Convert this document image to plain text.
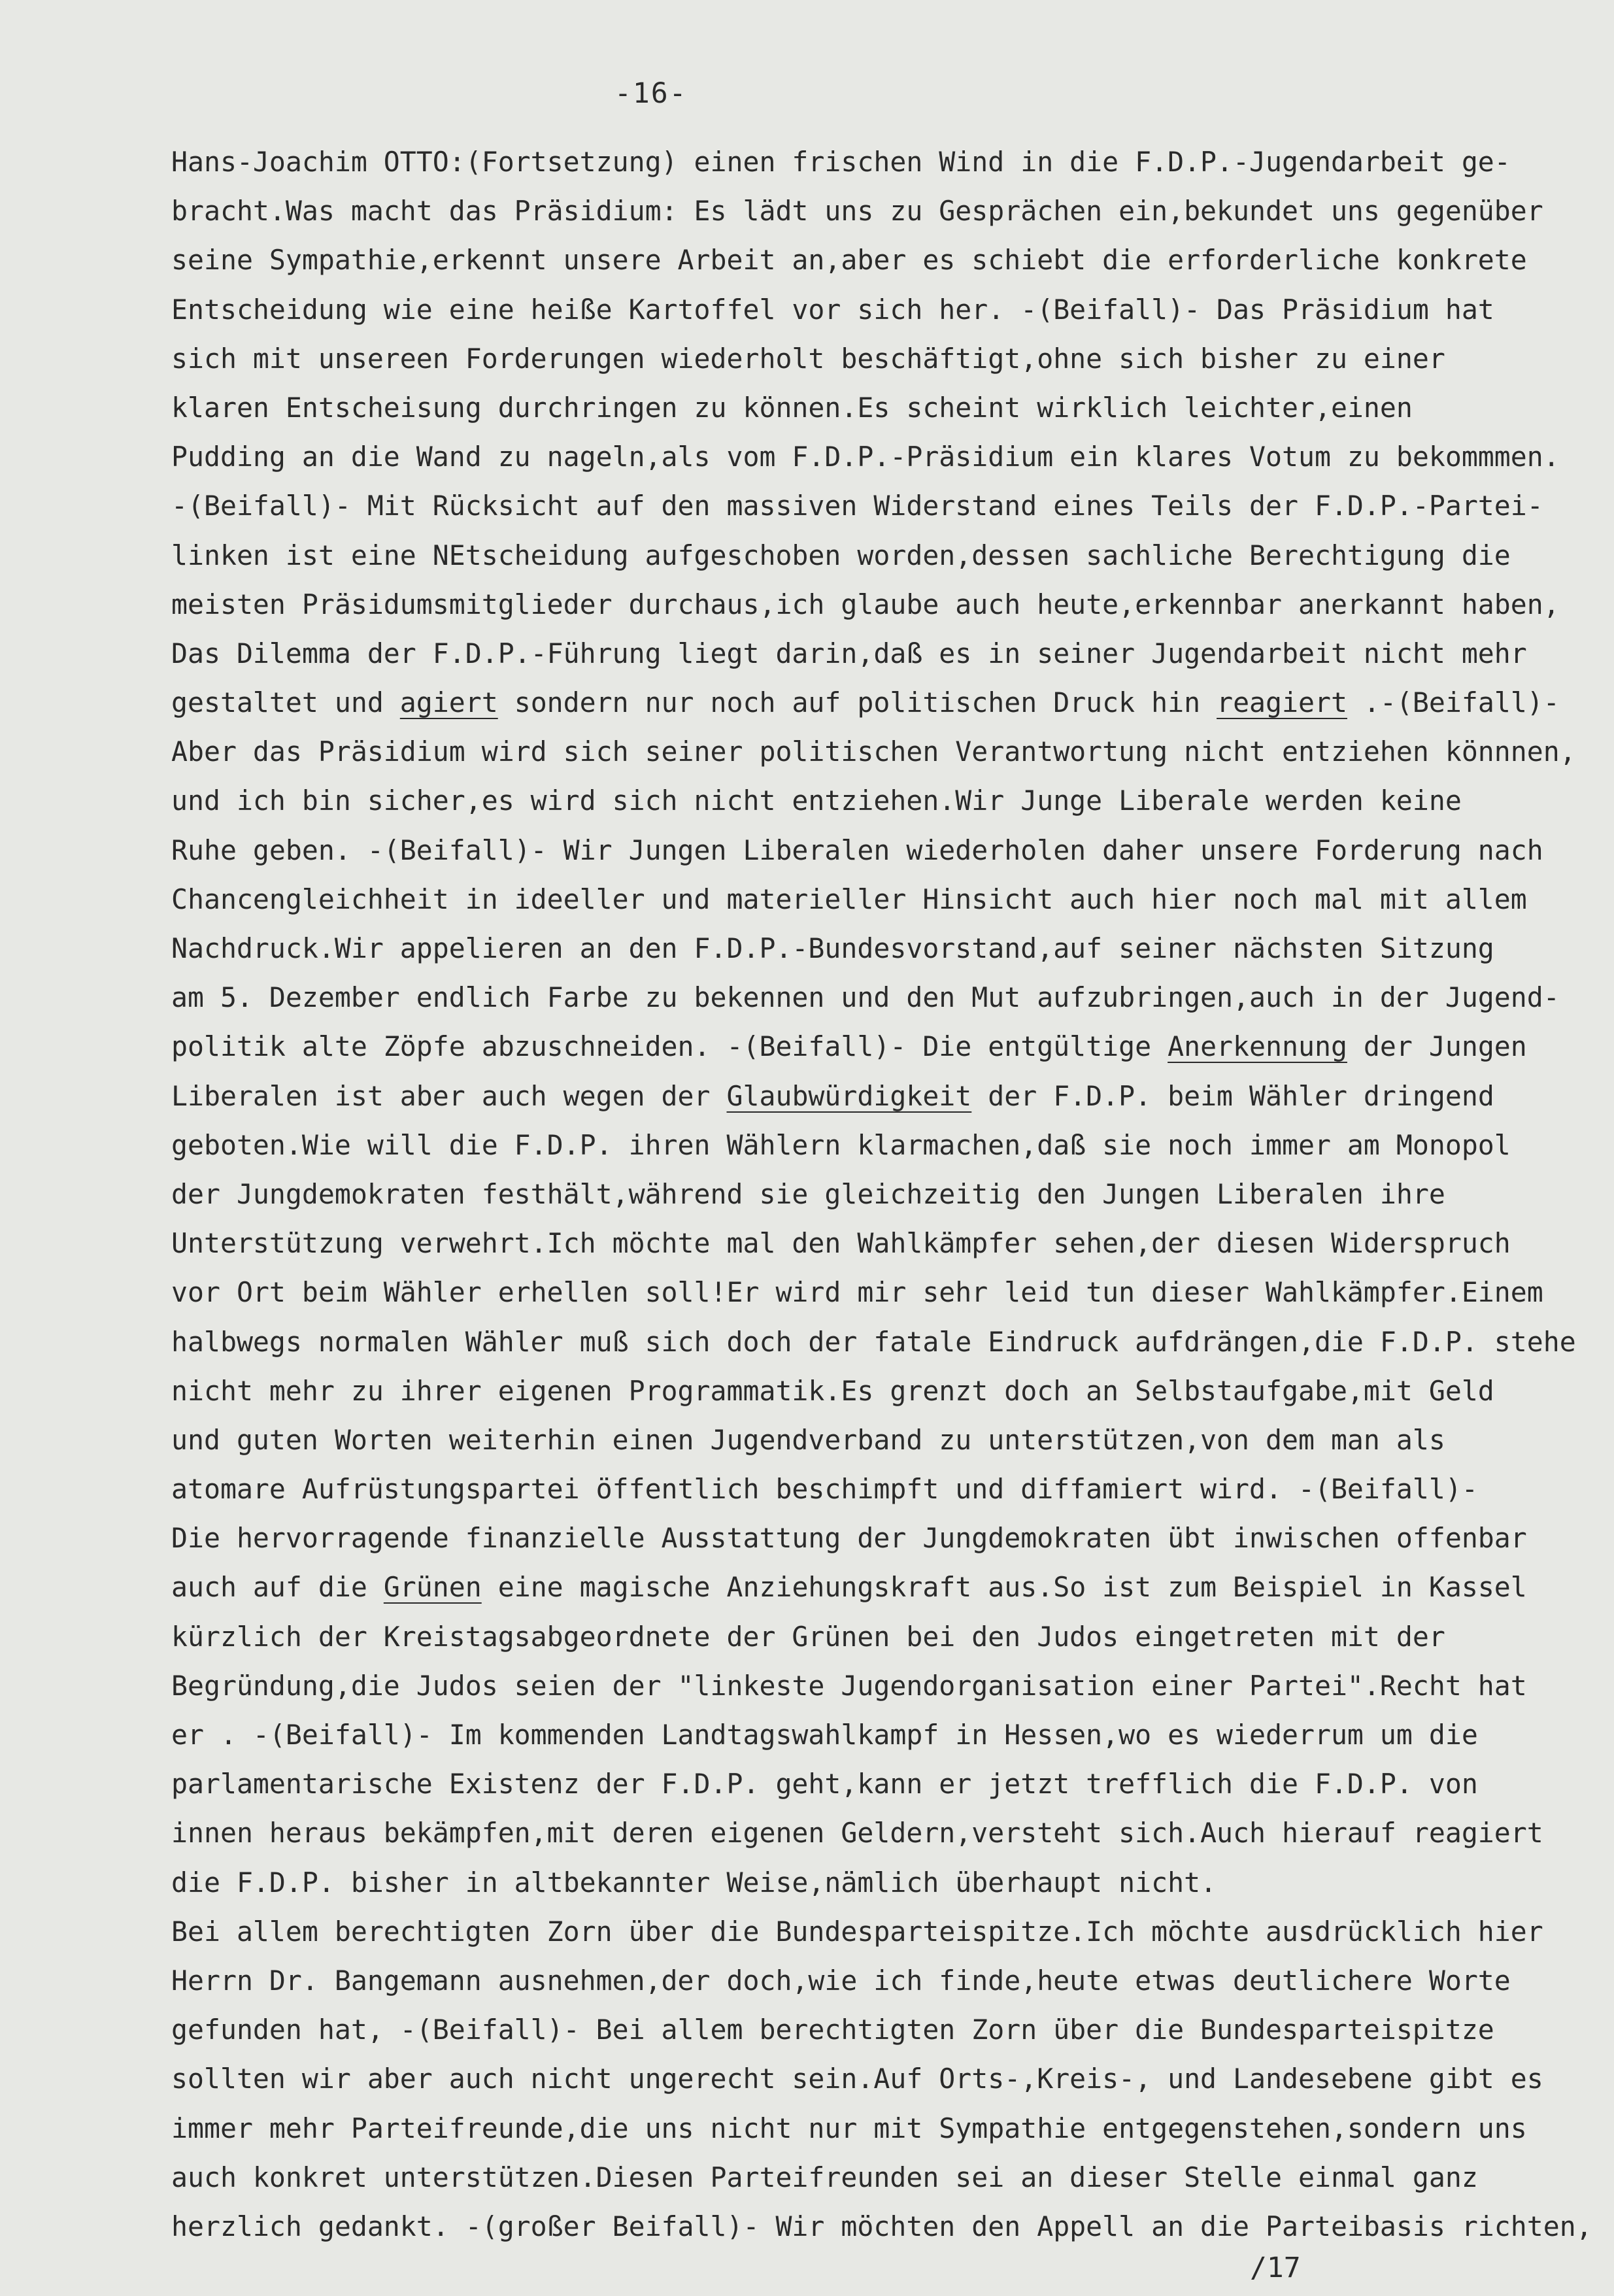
-16-
Hans-Joachim OTTO:(Fortsetzung) einen frischen Wind in die F.D.P.-Jugendarbeit ge-
bracht.Was macht das Präsidium: Es lädt uns zu Gesprächen ein,bekundet uns gegenüber
seine Sympathie,erkennt unsere Arbeit an,aber es schiebt die erforderliche konkrete
Entscheidung wie eine heiße Kartoffel vor sich her. -(Beifall)- Das Präsidium hat
sich mit unsereen Forderungen wiederholt beschäftigt,ohne sich bisher zu einer
klaren Entscheisung durchringen zu können.Es scheint wirklich leichter,einen
Pudding an die Wand zu nageln,als vom F.D.P.-Präsidium ein klares Votum zu bekommmen.
-(Beifall)- Mit Rücksicht auf den massiven Widerstand eines Teils der F.D.P.-Partei-
linken ist eine NEtscheidung aufgeschoben worden,dessen sachliche Berechtigung die
meisten Präsidumsmitglieder durchaus,ich glaube auch heute,erkennbar anerkannt haben,
Das Dilemma der F.D.P.-Führung liegt darin,daß es in seiner Jugendarbeit nicht mehr
gestaltet und agiert sondern nur noch auf politischen Druck hin reagiert .-(Beifall)-
Aber das Präsidium wird sich seiner politischen Verantwortung nicht entziehen könnnen,
und ich bin sicher,es wird sich nicht entziehen.Wir Junge Liberale werden keine
Ruhe geben. -(Beifall)- Wir Jungen Liberalen wiederholen daher unsere Forderung nach
Chancengleichheit in ideeller und materieller Hinsicht auch hier noch mal mit allem
Nachdruck.Wir appelieren an den F.D.P.-Bundesvorstand,auf seiner nächsten Sitzung
am 5. Dezember endlich Farbe zu bekennen und den Mut aufzubringen,auch in der Jugend-
politik alte Zöpfe abzuschneiden. -(Beifall)- Die entgültige Anerkennung der Jungen
Liberalen ist aber auch wegen der Glaubwürdigkeit der F.D.P. beim Wähler dringend
geboten.Wie will die F.D.P. ihren Wählern klarmachen,daß sie noch immer am Monopol
der Jungdemokraten festhält,während sie gleichzeitig den Jungen Liberalen ihre
Unterstützung verwehrt.Ich möchte mal den Wahlkämpfer sehen,der diesen Widerspruch
vor Ort beim Wähler erhellen soll!Er wird mir sehr leid tun dieser Wahlkämpfer.Einem
halbwegs normalen Wähler muß sich doch der fatale Eindruck aufdrängen,die F.D.P. stehe
nicht mehr zu ihrer eigenen Programmatik.Es grenzt doch an Selbstaufgabe,mit Geld
und guten Worten weiterhin einen Jugendverband zu unterstützen,von dem man als
atomare Aufrüstungspartei öffentlich beschimpft und diffamiert wird. -(Beifall)-
Die hervorragende finanzielle Ausstattung der Jungdemokraten übt inwischen offenbar
auch auf die Grünen eine magische Anziehungskraft aus.So ist zum Beispiel in Kassel
kürzlich der Kreistagsabgeordnete der Grünen bei den Judos eingetreten mit der
Begründung,die Judos seien der "linkeste Jugendorganisation einer Partei".Recht hat
er . -(Beifall)- Im kommenden Landtagswahlkampf in Hessen,wo es wiederrum um die
parlamentarische Existenz der F.D.P. geht,kann er jetzt trefflich die F.D.P. von
innen heraus bekämpfen,mit deren eigenen Geldern,versteht sich.Auch hierauf reagiert
die F.D.P. bisher in altbekannter Weise,nämlich überhaupt nicht.
Bei allem berechtigten Zorn über die Bundesparteispitze.Ich möchte ausdrücklich hier
Herrn Dr. Bangemann ausnehmen,der doch,wie ich finde,heute etwas deutlichere Worte
gefunden hat, -(Beifall)- Bei allem berechtigten Zorn über die Bundesparteispitze
sollten wir aber auch nicht ungerecht sein.Auf Orts-,Kreis-, und Landesebene gibt es
immer mehr Parteifreunde,die uns nicht nur mit Sympathie entgegenstehen,sondern uns
auch konkret unterstützen.Diesen Parteifreunden sei an dieser Stelle einmal ganz
herzlich gedankt. -(großer Beifall)- Wir möchten den Appell an die Parteibasis richten,
/17
